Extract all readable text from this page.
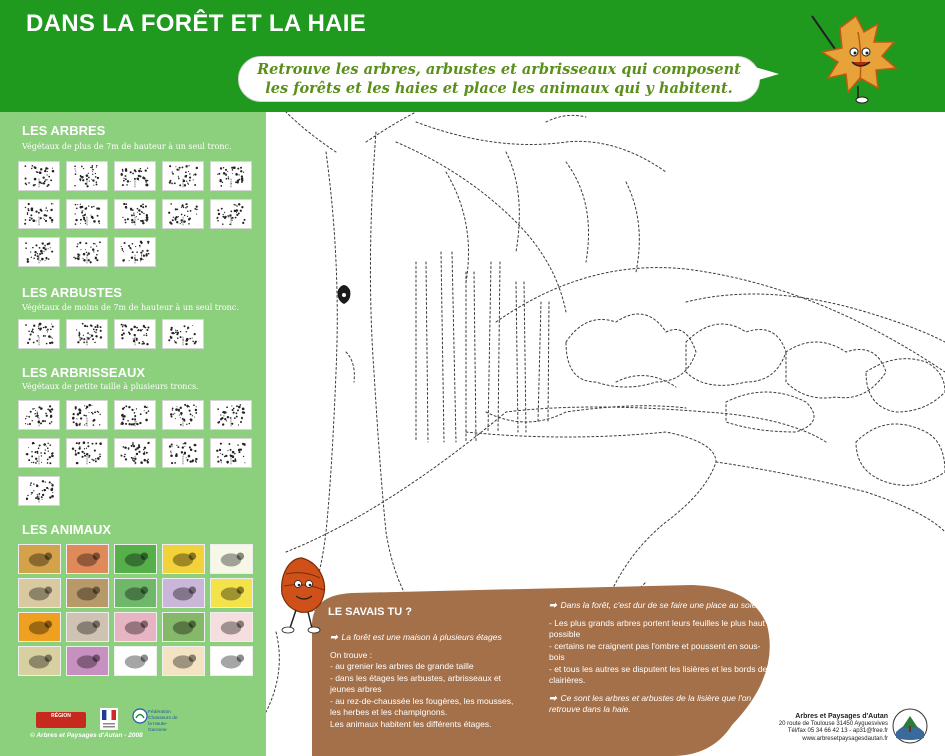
DANS LA FORÊT ET LA HAIE
Retrouve les arbres, arbustes et arbrisseaux qui composent
les forêts et les haies et place les animaux qui y habitent.
LES ARBRES
Végétaux de plus de 7m de hauteur à un seul tronc.
LES ARBUSTES
Végétaux de moins de 7m de hauteur à un seul tronc.
LES ARBRISSEAUX
Végétaux de petite taille à plusieurs troncs.
LES ANIMAUX
RÉGION
Fédération Chasseurs de la Haute-Garonne
© Arbres et Paysages d'Autan - 2008
LE SAVAIS TU ?

➡ La forêt est une maison à plusieurs étages

On trouve :

- au grenier les arbres de grande taille

- dans les étages les arbustes, arbrisseaux et jeunes arbres

- au rez-de-chaussée les fougères, les mousses, les herbes et les champignons.

Les animaux habitent les différents étages.

➡ Dans la forêt, c'est dur de se faire une place au soleil!

- Les plus grands arbres portent leurs feuilles le plus haut possible

- certains ne craignent pas l'ombre et poussent en sous-bois

- et tous les autres se disputent les lisières et les bords de clairières.

➡ Ce sont les arbres et arbustes de la lisière que l'on retrouve dans la haie.

Arbres et Paysages d'Autan
20 route de Toulouse 31450 Ayguesvives
Tél/fax 05 34 66 42 13 - ap31@free.fr
www.arbresetpaysagesdautan.fr
